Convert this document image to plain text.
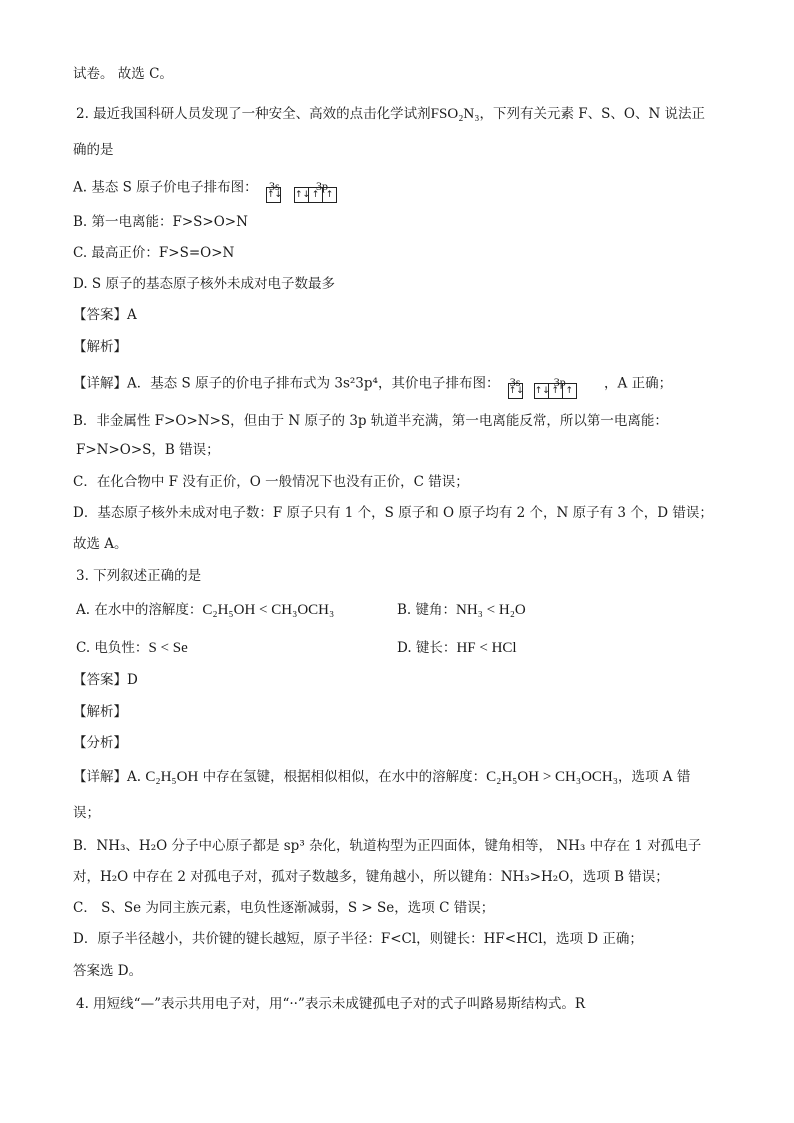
试卷。 故选 C。
2. 最近我国科研人员发现了一种安全、高效的点击化学试剂FSO₂N₃，下列有关元素 F、S、O、N 说法正
确的是
A. 基态 S 原子价电子排布图： 3s	3p
↑↓ ↑↓ ↑ ↑
B. 第一电离能：F>S>O>N
C. 最高正价：F>S=O>N
D. S 原子的基态原子核外未成对电子数最多
【答案】A
【解析】
【详解】A．基态 S 原子的价电子排布式为 3s²3p⁴，其价电子排布图： 3s	3p
↑↓ ↑↓ ↑ ↑ ，A 正确；
B．非金属性 F>O>N>S，但由于 N 原子的 3p 轨道半充满，第一电离能反常，所以第一电离能：
F>N>O>S，B 错误；
C．在化合物中 F 没有正价，O 一般情况下也没有正价，C 错误；
D．基态原子核外未成对电子数：F 原子只有 1 个，S 原子和 O 原子均有 2 个，N 原子有 3 个，D 错误；
故选 A。
3. 下列叙述正确的是
A. 在水中的溶解度：C₂H₅OH < CH₃OCH₃	B. 键角：NH₃ < H₂O
C. 电负性：S < Se	D. 键长：HF < HCl
【答案】D
【解析】
【分析】
【详解】A. C₂H₅OH 中存在氢键，根据相似相似，在水中的溶解度：C₂H₅OH > CH₃OCH₃，选项 A 错
误；
B．NH₃、H₂O 分子中心原子都是 sp³ 杂化，轨道构型为正四面体，键角相等， NH₃ 中存在 1 对孤电子
对，H₂O 中存在 2 对孤电子对，孤对子数越多，键角越小，所以键角：NH₃>H₂O，选项 B 错误；
C． S、Se 为同主族元素，电负性逐渐减弱，S > Se，选项 C 错误；
D．原子半径越小，共价键的键长越短，原子半径：F<Cl，则键长：HF<HCl，选项 D 正确；
答案选 D。
4. 用短线“—”表示共用电子对，用“··”表示未成键孤电子对的式子叫路易斯结构式。R
